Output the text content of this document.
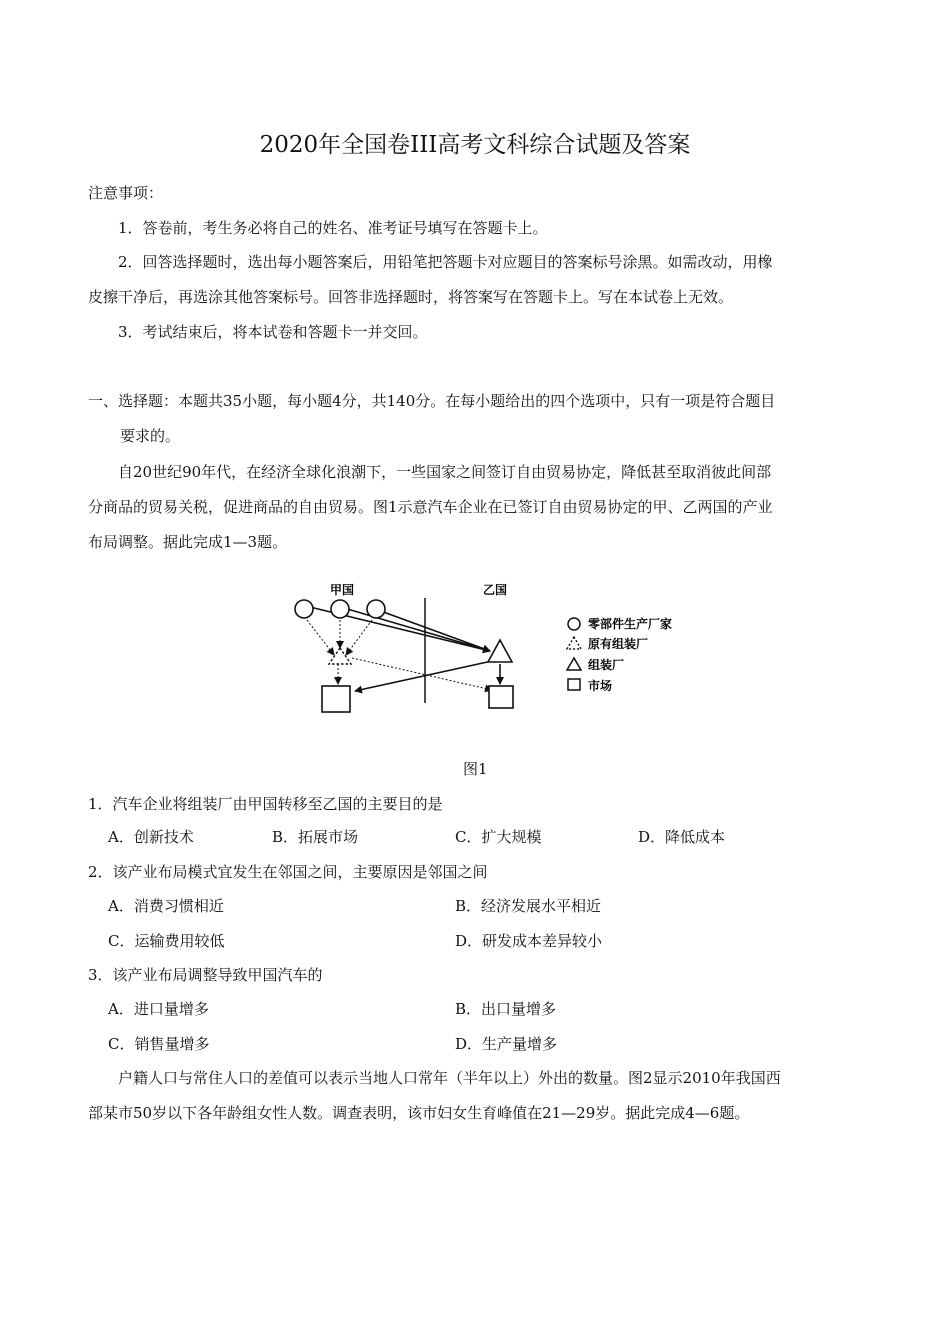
2020年全国卷III高考文科综合试题及答案
注意事项：
1．答卷前，考生务必将自己的姓名、准考证号填写在答题卡上。
2．回答选择题时，选出每小题答案后，用铅笔把答题卡对应题目的答案标号涂黑。如需改动，用橡
皮擦干净后，再选涂其他答案标号。回答非选择题时，将答案写在答题卡上。写在本试卷上无效。
3．考试结束后，将本试卷和答题卡一并交回。
一、选择题：本题共35小题，每小题4分，共140分。在每小题给出的四个选项中，只有一项是符合题目
要求的。
自20世纪90年代，在经济全球化浪潮下，一些国家之间签订自由贸易协定，降低甚至取消彼此间部
分商品的贸易关税，促进商品的自由贸易。图1示意汽车企业在已签订自由贸易协定的甲、乙两国的产业
布局调整。据此完成1—3题。
甲国	乙国
零部件生产厂家
原有组装厂
组装厂
市场
图1
1．汽车企业将组装厂由甲国转移至乙国的主要目的是
A．创新技术	B．拓展市场	C．扩大规模	D．降低成本
2．该产业布局模式宜发生在邻国之间，主要原因是邻国之间
A．消费习惯相近	B．经济发展水平相近
C．运输费用较低	D．研发成本差异较小
3．该产业布局调整导致甲国汽车的
A．进口量增多	B．出口量增多
C．销售量增多	D．生产量增多
户籍人口与常住人口的差值可以表示当地人口常年（半年以上）外出的数量。图2显示2010年我国西
部某市50岁以下各年龄组女性人数。调查表明，该市妇女生育峰值在21—29岁。据此完成4—6题。
